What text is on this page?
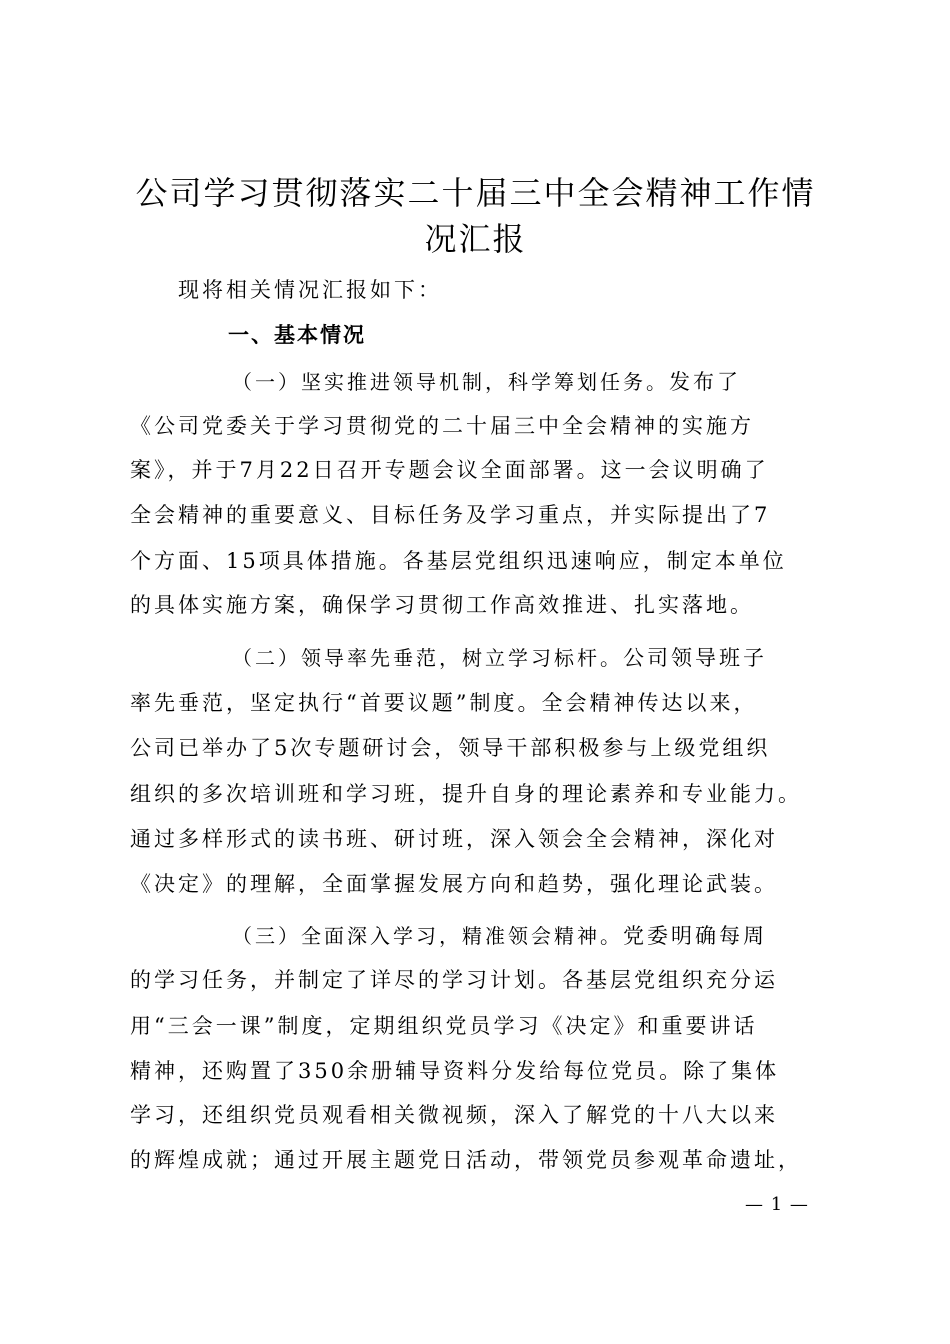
公司学习贯彻落实二十届三中全会精神工作情
况汇报
现将相关情况汇报如下：
一、基本情况
（一）坚实推进领导机制，科学筹划任务。发布了
《公司党委关于学习贯彻党的二十届三中全会精神的实施方
案》，并于7月22日召开专题会议全面部署。这一会议明确了
全会精神的重要意义、目标任务及学习重点，并实际提出了7
个方面、15项具体措施。各基层党组织迅速响应，制定本单位
的具体实施方案，确保学习贯彻工作高效推进、扎实落地。
（二）领导率先垂范，树立学习标杆。公司领导班子
率先垂范，坚定执行“首要议题”制度。全会精神传达以来，
公司已举办了5次专题研讨会，领导干部积极参与上级党组织
组织的多次培训班和学习班，提升自身的理论素养和专业能力。
通过多样形式的读书班、研讨班，深入领会全会精神，深化对
《决定》的理解，全面掌握发展方向和趋势，强化理论武装。
（三）全面深入学习，精准领会精神。党委明确每周
的学习任务，并制定了详尽的学习计划。各基层党组织充分运
用“三会一课”制度，定期组织党员学习《决定》和重要讲话
精神，还购置了350余册辅导资料分发给每位党员。除了集体
学习，还组织党员观看相关微视频，深入了解党的十八大以来
的辉煌成就；通过开展主题党日活动，带领党员参观革命遗址，
— 1 —
